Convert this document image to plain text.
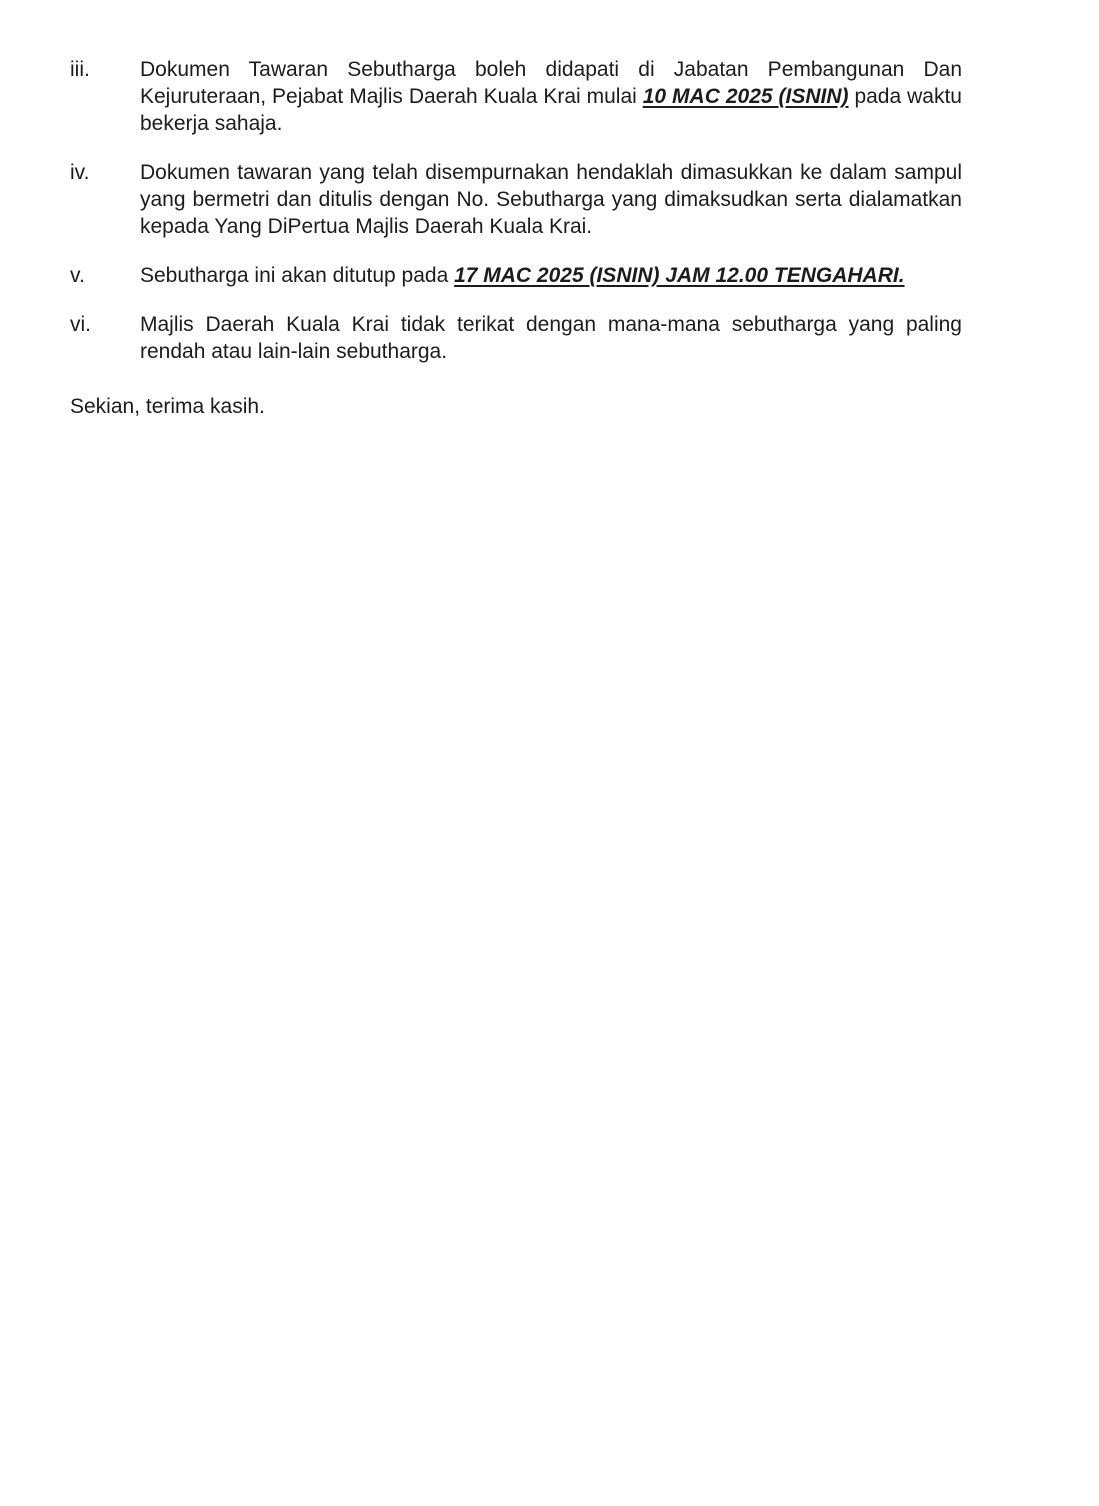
iii.	Dokumen Tawaran Sebutharga boleh didapati di Jabatan Pembangunan Dan Kejuruteraan, Pejabat Majlis Daerah Kuala Krai mulai 10 MAC 2025 (ISNIN) pada waktu bekerja sahaja.

iv.	Dokumen tawaran yang telah disempurnakan hendaklah dimasukkan ke dalam sampul yang bermetri dan ditulis dengan No. Sebutharga yang dimaksudkan serta dialamatkan kepada Yang DiPertua Majlis Daerah Kuala Krai.

v.	Sebutharga ini akan ditutup pada 17 MAC 2025 (ISNIN) JAM 12.00 TENGAHARI.

vi.	Majlis Daerah Kuala Krai tidak terikat dengan mana-mana sebutharga yang paling rendah atau lain-lain sebutharga.

Sekian, terima kasih.
